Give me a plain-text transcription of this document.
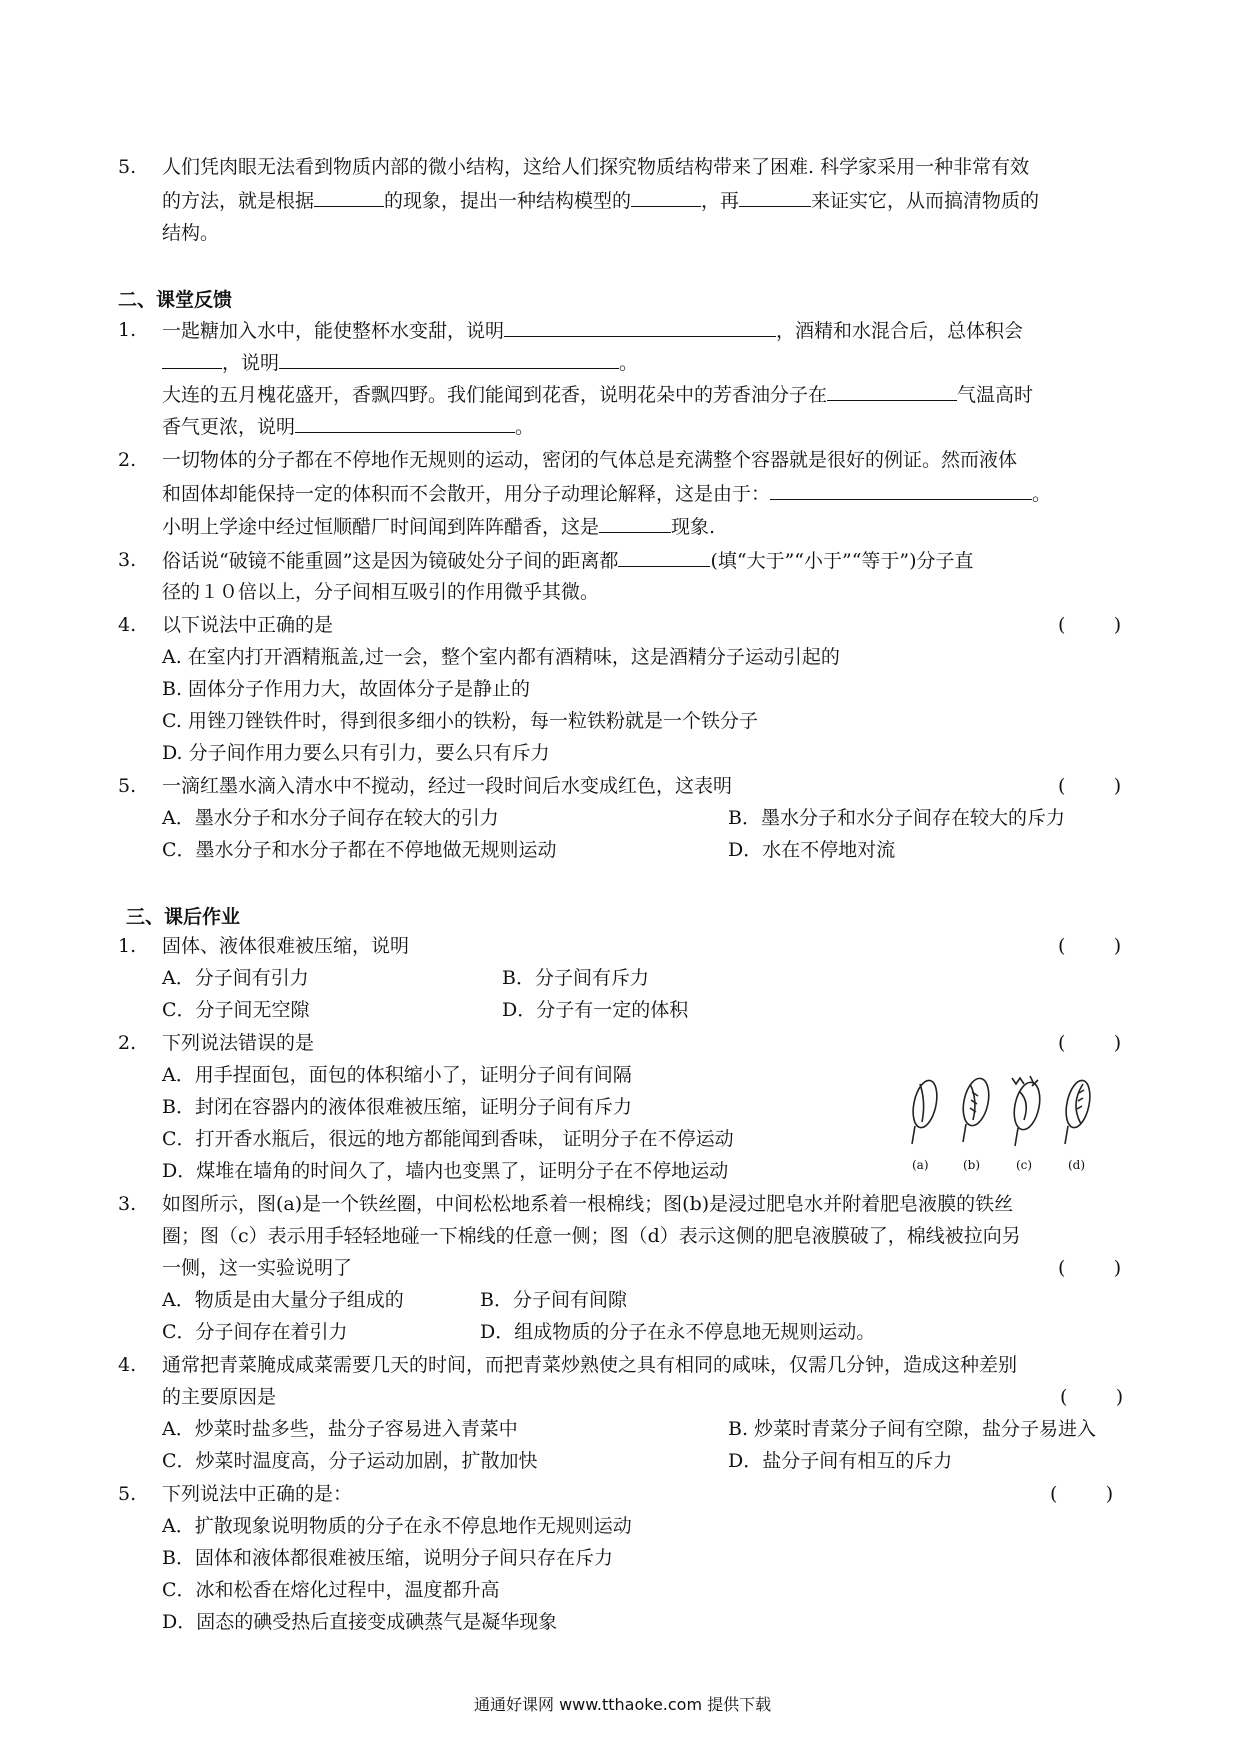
5. 人们凭肉眼无法看到物质内部的微小结构，这给人们探究物质结构带来了困难. 科学家采用一种非常有效
的方法，就是根据	的现象，提出一种结构模型的	，再	来证实它，从而搞清物质的
结构。
二、课堂反馈
1. 一匙糖加入水中，能使整杯水变甜，说明	，酒精和水混合后，总体积会
，说明	。
大连的五月槐花盛开，香飘四野。我们能闻到花香，说明花朵中的芳香油分子在	气温高时
香气更浓，说明	。
2. 一切物体的分子都在不停地作无规则的运动，密闭的气体总是充满整个容器就是很好的例证。然而液体
和固体却能保持一定的体积而不会散开，用分子动理论解释，这是由于：	。
小明上学途中经过恒顺醋厂时间闻到阵阵醋香，这是	现象.
3. 俗话说“破镜不能重圆”这是因为镜破处分子间的距离都	(填“大于”“小于”“等于”)分子直
径的１０倍以上，分子间相互吸引的作用微乎其微。
4. 以下说法中正确的是	(        )
A. 在室内打开酒精瓶盖,过一会，整个室内都有酒精味，这是酒精分子运动引起的
B. 固体分子作用力大，故固体分子是静止的
C. 用锉刀锉铁件时，得到很多细小的铁粉，每一粒铁粉就是一个铁分子
D. 分子间作用力要么只有引力，要么只有斥力
5. 一滴红墨水滴入清水中不搅动，经过一段时间后水变成红色，这表明	(        )
A．墨水分子和水分子间存在较大的引力	B．墨水分子和水分子间存在较大的斥力
C．墨水分子和水分子都在不停地做无规则运动	D．水在不停地对流
三、课后作业
1. 固体、液体很难被压缩，说明	(        )
A．分子间有引力	B．分子间有斥力
C．分子间无空隙	D．分子有一定的体积
2. 下列说法错误的是	(        )
A．用手捏面包，面包的体积缩小了，证明分子间有间隔
B．封闭在容器内的液体很难被压缩，证明分子间有斥力
C．打开香水瓶后，很远的地方都能闻到香味， 证明分子在不停运动
D．煤堆在墙角的时间久了，墙内也变黑了，证明分子在不停地运动	(a)	(b)	(c)	(d)
3. 如图所示，图(a)是一个铁丝圈，中间松松地系着一根棉线；图(b)是浸过肥皂水并附着肥皂液膜的铁丝
圈；图（c）表示用手轻轻地碰一下棉线的任意一侧；图（d）表示这侧的肥皂液膜破了，棉线被拉向另
一侧，这一实验说明了	(        )
A．物质是由大量分子组成的	B．分子间有间隙
C．分子间存在着引力	D．组成物质的分子在永不停息地无规则运动。
4. 通常把青菜腌成咸菜需要几天的时间，而把青菜炒熟使之具有相同的咸味，仅需几分钟，造成这种差别
的主要原因是	(        )
A．炒菜时盐多些，盐分子容易进入青菜中	B. 炒菜时青菜分子间有空隙，盐分子易进入
C．炒菜时温度高，分子运动加剧，扩散加快	D．盐分子间有相互的斥力
5. 下列说法中正确的是：	(        )
A．扩散现象说明物质的分子在永不停息地作无规则运动
B．固体和液体都很难被压缩，说明分子间只存在斥力
C．冰和松香在熔化过程中，温度都升高
D．固态的碘受热后直接变成碘蒸气是凝华现象
通通好课网 www.tthaoke.com 提供下载
